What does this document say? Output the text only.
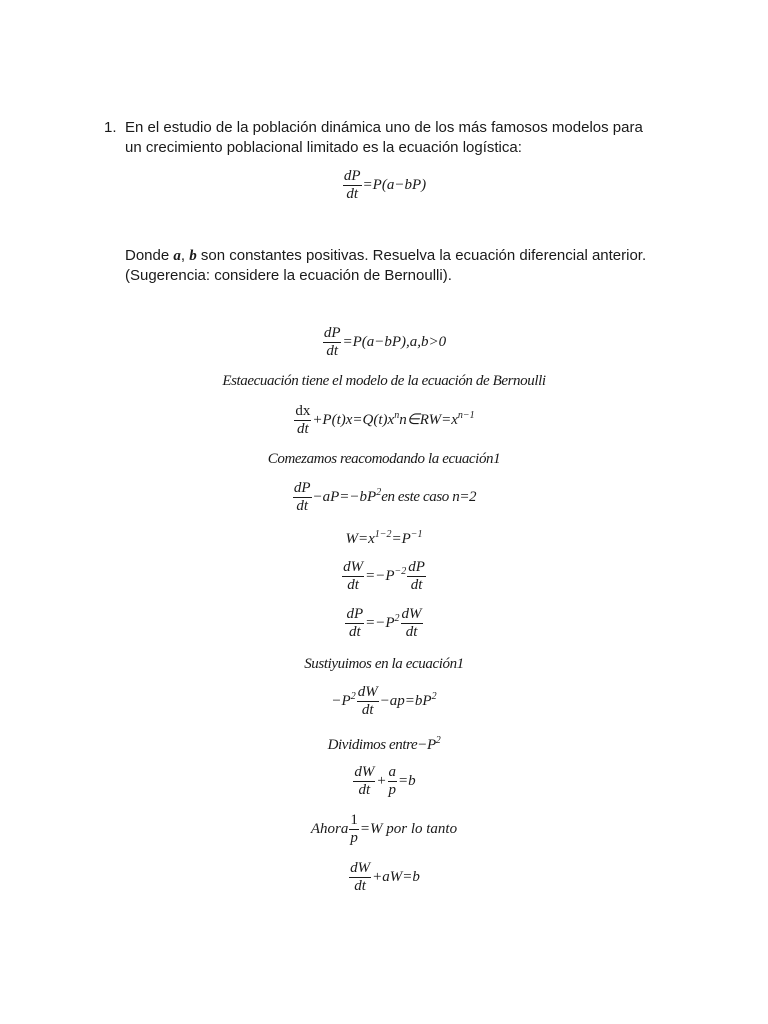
1. En el estudio de la población dinámica uno de los más famosos modelos para
un crecimiento poblacional limitado es la ecuación logística:
$\frac{dP}{dt} =P(a-bP)$
Donde a, b son constantes positivas. Resuelva la ecuación diferencial anterior.
(Sugerencia: considere la ecuación de Bernoulli).
$\frac{dP}{dt} =P(a-bP),a,b>0$
Estaecuación tiene el modelo de la ecuación de Bernoulli
$\frac{dx}{dt}$ $+P(t)x=Q(t)x^nn\in RW=x^{n-1}$
Comezamos reacomodando la ecuación1
$\frac{dP}{dt} -aP=-bP^2en$ este caso n=2
$W=x^{1-2}=P^{-1}$
$\frac{dW}{dt} =-P^{-2} \frac{dP}{dt}$
$\frac{dP}{dt} =-P^2 \frac{dW}{dt}$
Sustiyuimos en la ecuación1
$-P^2 \frac{dW}{dt} -ap=bP^2$
Dividimos $entre-P^2$
$\frac{dW}{dt} + \frac{a}{p} =b$
Ahora $\frac{1}{p} =W$ por lo tanto
$\frac{dW}{dt} +aW=b$
